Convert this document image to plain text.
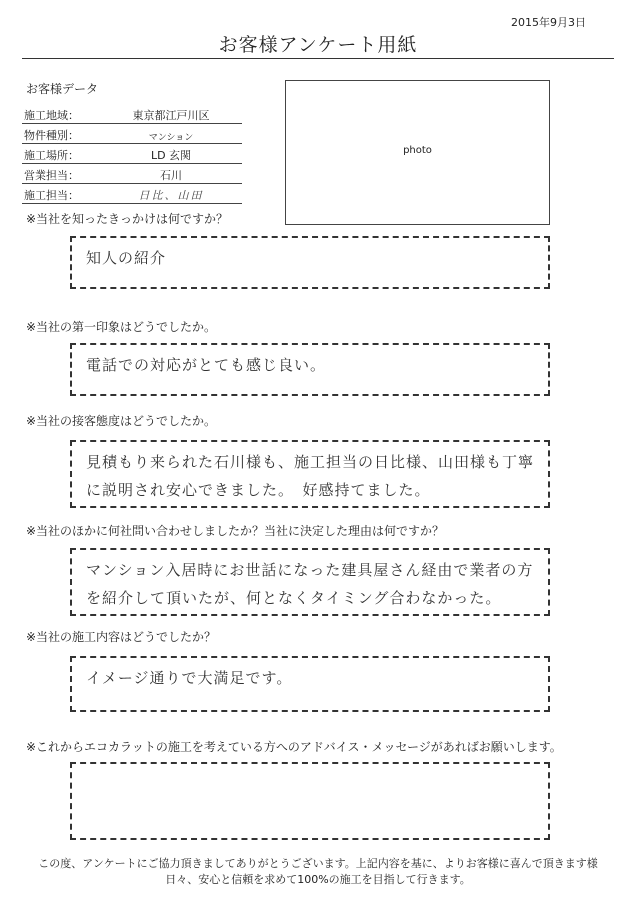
2015年9月3日
お客様アンケート用紙
お客様データ
施工地域：	東京都江戸川区
物件種別：	マンション
施工場所：	LD 玄関
営業担当：	石川
施工担当：	日比、山田
photo
※当社を知ったきっかけは何ですか？
知人の紹介
※当社の第一印象はどうでしたか。
電話での対応がとても感じ良い。
※当社の接客態度はどうでしたか。
見積もり来られた石川様も、施工担当の日比様、山田様も丁寧に説明され安心できました。　好感持てました。
※当社のほかに何社問い合わせしましたか？当社に決定した理由は何ですか？
マンション入居時にお世話になった建具屋さん経由で業者の方を紹介して頂いたが、何となくタイミング合わなかった。
※当社の施工内容はどうでしたか？
イメージ通りで大満足です。
※これからエコカラットの施工を考えている方へのアドバイス・メッセージがあればお願いします。
この度、アンケートにご協力頂きましてありがとうございます。上記内容を基に、よりお客様に喜んで頂きます様
日々、安心と信頼を求めて100%の施工を目指して行きます。
